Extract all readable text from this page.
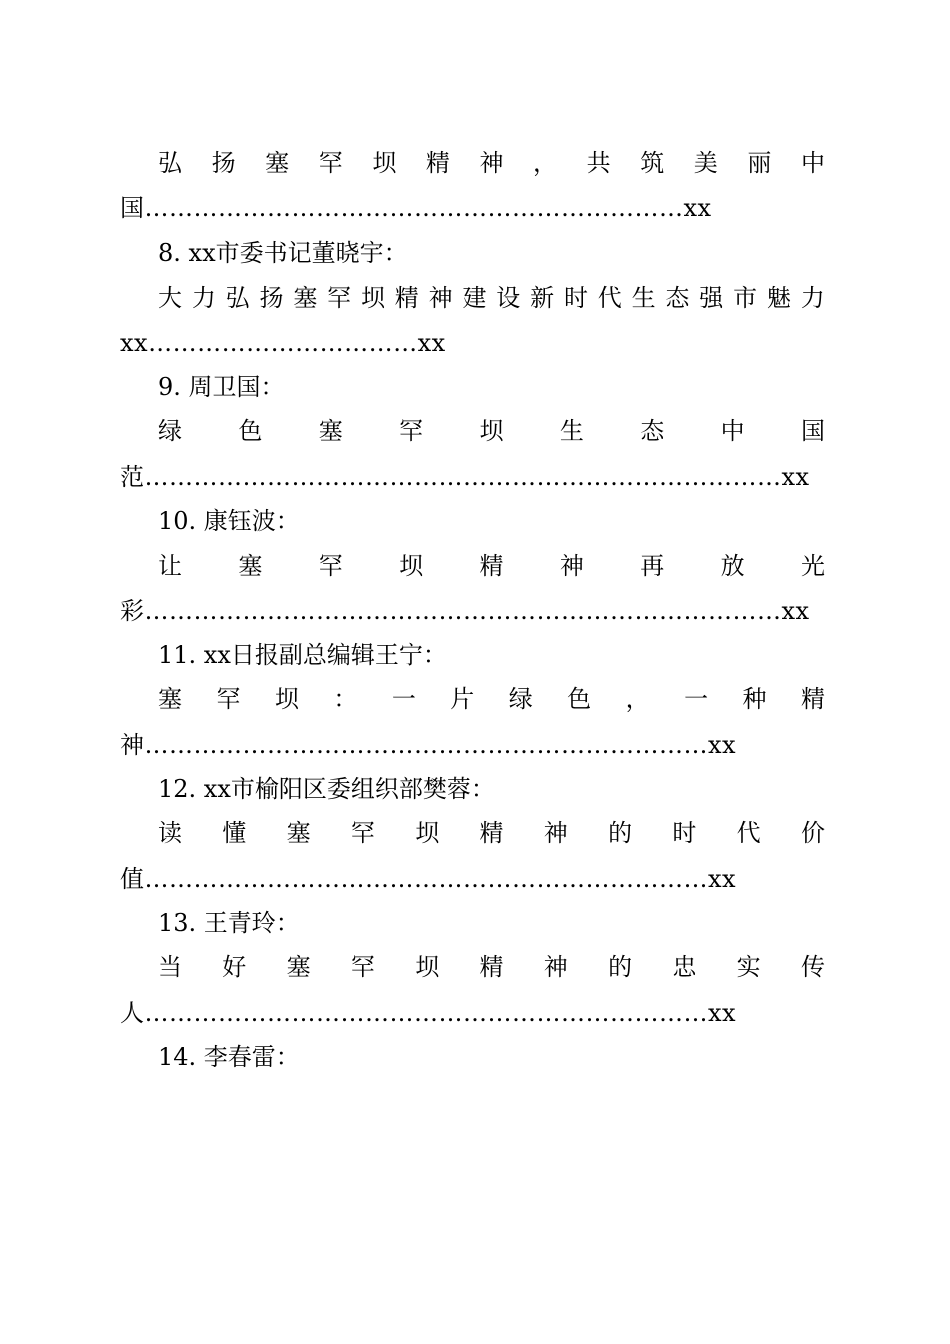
弘 扬 塞 罕 坝 精 神 ， 共 筑 美 丽 中
国…………………………………………………………xx
8. xx市委书记董晓宇：
大 力 弘 扬 塞 罕 坝 精 神 建 设 新 时 代 生 态 强 市 魅 力
xx……………………………xx
9. 周卫国：
绿 色 塞 罕 坝 生 态 中 国
范……………………………………………………………………xx
10. 康钰波：
让 塞 罕 坝 精 神 再 放 光
彩……………………………………………………………………xx
11. xx日报副总编辑王宁：
塞 罕 坝 ： 一 片 绿 色 ， 一 种 精
神……………………………………………………………xx
12. xx市榆阳区委组织部樊蓉：
读 懂 塞 罕 坝 精 神 的 时 代 价
值……………………………………………………………xx
13. 王青玲：
当 好 塞 罕 坝 精 神 的 忠 实 传
人……………………………………………………………xx
14. 李春雷：
